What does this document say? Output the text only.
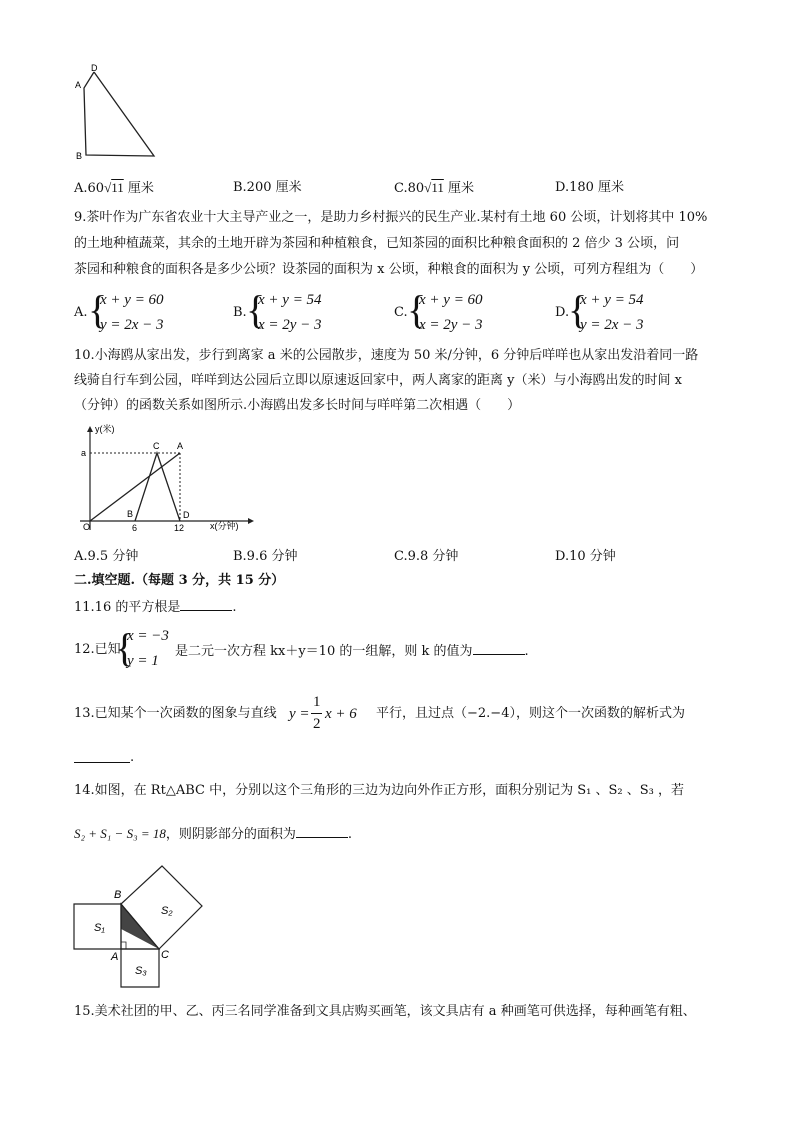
D
A
B
A.60√11 厘米	B.200 厘米	C.80√11 厘米	D.180 厘米
9.茶叶作为广东省农业十大主导产业之一，是助力乡村振兴的民生产业.某村有土地 60 公顷，计划将其中 10%
的土地种植蔬菜，其余的土地开辟为茶园和种植粮食，已知茶园的面积比种粮食面积的 2 倍少 3 公顷，问
茶园和种粮食的面积各是多少公顷？设茶园的面积为 x 公顷，种粮食的面积为 y 公顷，可列方程组为（　　）
A. {
x + y = 60
y = 2x − 3
B. {
x + y = 54
x = 2y − 3
C. {
x + y = 60
x = 2y − 3
D.
{
x + y = 54
y = 2x − 3
10.小海鸥从家出发，步行到离家 a 米的公园散步，速度为 50 米/分钟，6 分钟后咩咩也从家出发沿着同一路
线骑自行车到公园，咩咩到达公园后立即以原速返回家中，两人离家的距离 y（米）与小海鸥出发的时间 x
（分钟）的函数关系如图所示.小海鸥出发多长时间与咩咩第二次相遇（　　）
y(米)
x(分钟)
a
O
B
C A
D
6	12
A.9.5 分钟	B.9.6 分钟	C.9.8 分钟	D.10 分钟
二.填空题.（每题 3 分，共 15 分）
11.16 的平方根是	.
12.已知
{
x = −3
y = 1
是二元一次方程 kx＋y＝10 的一组解，则 k 的值为	.
13.已知某个一次函数的图象与直线 y =
1
2
x + 6 平行，且过点（−2.−4），则这个一次函数的解析式为
.
14.如图，在 Rt△ABC 中，分别以这个三角形的三边为边向外作正方形，面积分别记为 S₁ 、S₂ 、S₃ ，若
S₂ + S₁ − S₃ = 18，则阴影部分的面积为	.
B
A	C
S₁
S₂
S₃
15.美术社团的甲、乙、丙三名同学准备到文具店购买画笔，该文具店有 a 种画笔可供选择，每种画笔有粗、
